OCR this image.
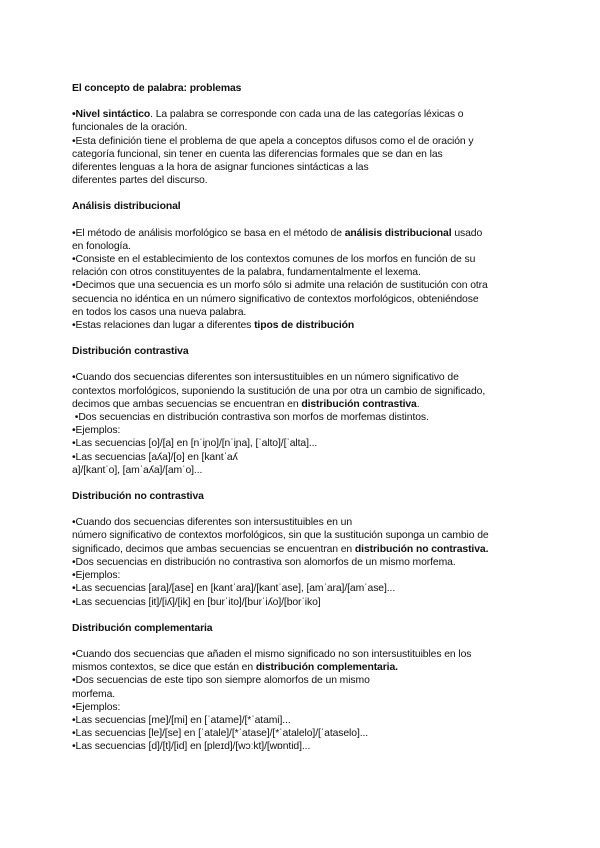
El concepto de palabra: problemas

•Nivel sintáctico. La palabra se corresponde con cada una de las categorías léxicas o

funcionales de la oración.

•Esta definición tiene el problema de que apela a conceptos difusos como el de oración y

categoría funcional, sin tener en cuenta las diferencias formales que se dan en las

diferentes lenguas a la hora de asignar funciones sintácticas a las

diferentes partes del discurso.

Análisis distribucional

•El método de análisis morfológico se basa en el método de análisis distribucional usado

en fonología.

•Consiste en el establecimiento de los contextos comunes de los morfos en función de su

relación con otros constituyentes de la palabra, fundamentalmente el lexema.

•Decimos que una secuencia es un morfo sólo si admite una relación de sustitución con otra

secuencia no idéntica en un número significativo de contextos morfológicos, obteniéndose

en todos los casos una nueva palabra.

•Estas relaciones dan lugar a diferentes tipos de distribución

Distribución contrastiva

•Cuando dos secuencias diferentes son intersustituibles en un número significativo de

contextos morfológicos, suponiendo la sustitución de una por otra un cambio de significado,

decimos que ambas secuencias se encuentran en distribución contrastiva.

•Dos secuencias en distribución contrastiva son morfos de morfemas distintos.

•Ejemplos:

•Las secuencias [o]/[a] en [nˈiɲo]/[nˈiɲa], [ˈalto]/[ˈalta]...

•Las secuencias [aʎa]/[o] en [kantˈaʎ

a]/[kantˈo], [amˈaʎa]/[amˈo]...

Distribución no contrastiva

•Cuando dos secuencias diferentes son intersustituibles en un

número significativo de contextos morfológicos, sin que la sustitución suponga un cambio de

significado, decimos que ambas secuencias se encuentran en distribución no contrastiva.

•Dos secuencias en distribución no contrastiva son alomorfos de un mismo morfema.

•Ejemplos:

•Las secuencias [ara]/[ase] en [kantˈara]/[kantˈase], [amˈara]/[amˈase]...

•Las secuencias [it]/[iʎ]/[ik] en [burˈito]/[burˈiʎo]/[borˈiko]

Distribución complementaria

•Cuando dos secuencias que añaden el mismo significado no son intersustituibles en los

mismos contextos, se dice que están en distribución complementaria.

•Dos secuencias de este tipo son siempre alomorfos de un mismo

morfema.

•Ejemplos:

•Las secuencias [me]/[mi] en [ˈatame]/[*ˈatami]...

•Las secuencias [le]/[se] en [ˈatale]/[*ˈatase]/[*ˈatalelo]/[ˈataselo]...

•Las secuencias [d]/[t]/[id] en [pleɪd]/[wɔːkt]/[wɒntid]...
